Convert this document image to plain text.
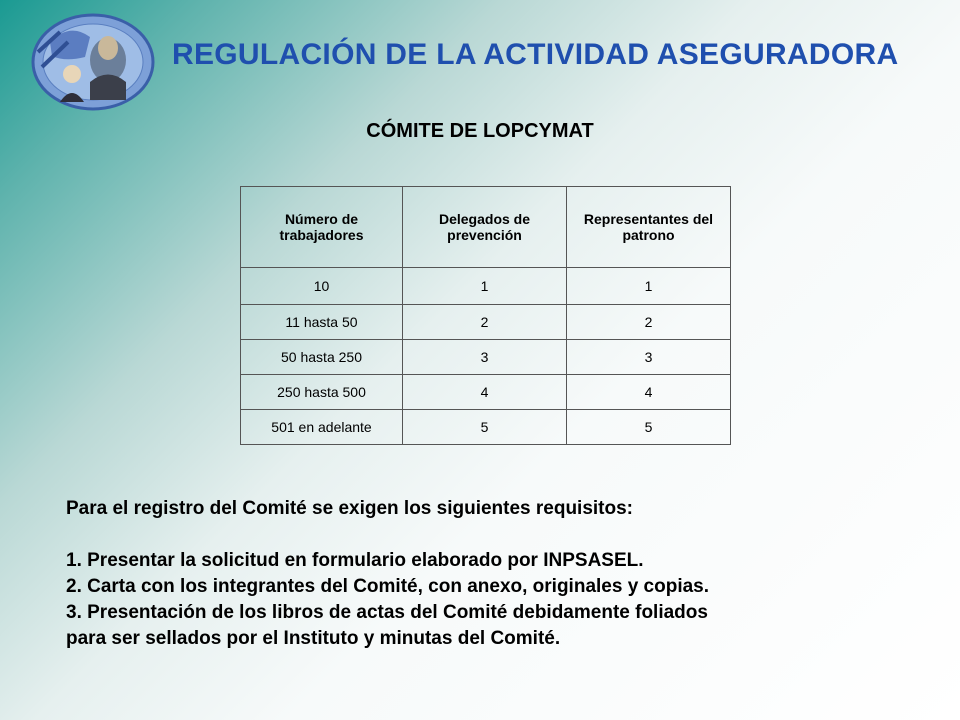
REGULACIÓN DE LA ACTIVIDAD ASEGURADORA
CÓMITE DE LOPCYMAT
Número de trabajadores	Delegados de prevención	Representantes del patrono
10	1	1
11 hasta 50	2	2
50 hasta 250	3	3
250 hasta 500	4	4
501 en adelante	5	5

Para el registro del Comité se exigen los siguientes requisitos:

1. Presentar la solicitud en formulario elaborado por INPSASEL.

2. Carta con los integrantes del Comité, con anexo, originales y copias.

3. Presentación de los libros de actas del Comité debidamente foliados

para ser sellados por el Instituto y minutas del Comité.
